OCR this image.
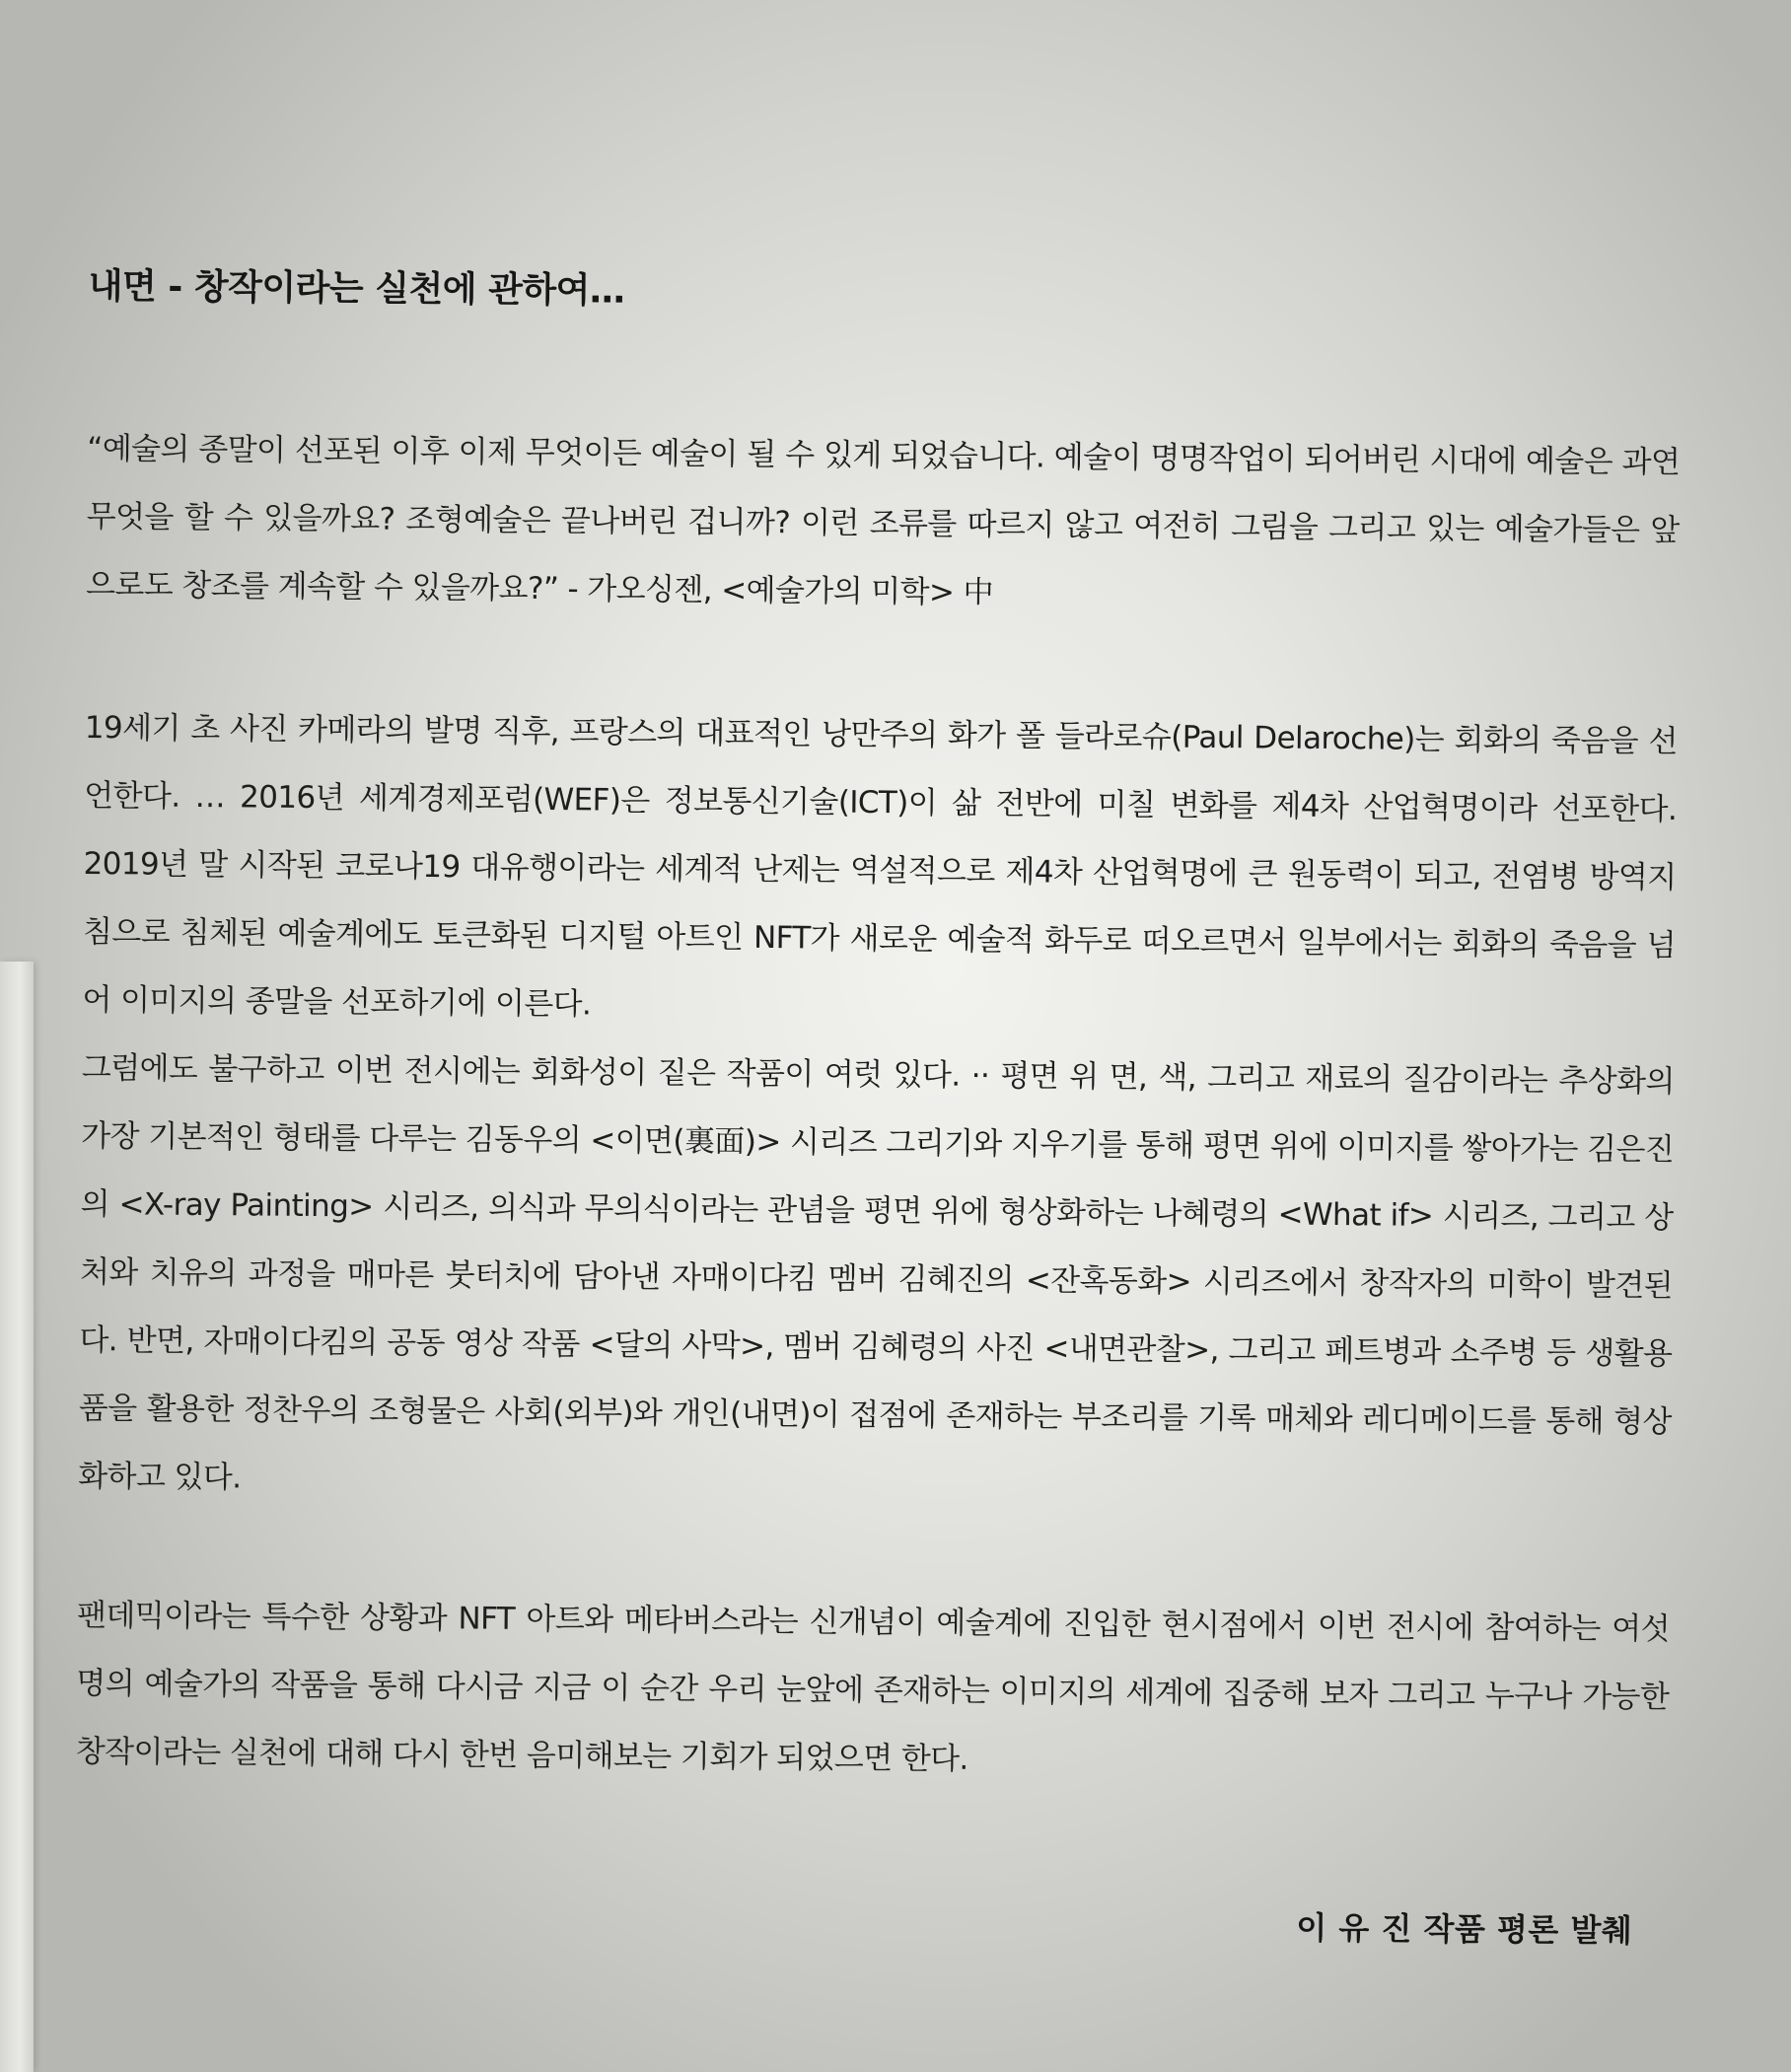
내면 - 창작이라는 실천에 관하여…

“예술의 종말이 선포된 이후 이제 무엇이든 예술이 될 수 있게 되었습니다. 예술이 명명작업이 되어버린 시대에 예술은 과연 무엇을 할 수 있을까요? 조형예술은 끝나버린 겁니까? 이런 조류를 따르지 않고 여전히 그림을 그리고 있는 예술가들은 앞으로도 창조를 계속할 수 있을까요?” - 가오싱젠, <예술가의 미학> 中

19세기 초 사진 카메라의 발명 직후, 프랑스의 대표적인 낭만주의 화가 폴 들라로슈(Paul Delaroche)는 회화의 죽음을 선언한다. … 2016년 세계경제포럼(WEF)은 정보통신기술(ICT)이 삶 전반에 미칠 변화를 제4차 산업혁명이라 선포한다. 2019년 말 시작된 코로나19 대유행이라는 세계적 난제는 역설적으로 제4차 산업혁명에 큰 원동력이 되고, 전염병 방역지침으로 침체된 예술계에도 토큰화된 디지털 아트인 NFT가 새로운 예술적 화두로 떠오르면서 일부에서는 회화의 죽음을 넘어 이미지의 종말을 선포하기에 이른다.

그럼에도 불구하고 이번 전시에는 회화성이 짙은 작품이 여럿 있다. ·· 평면 위 면, 색, 그리고 재료의 질감이라는 추상화의 가장 기본적인 형태를 다루는 김동우의 <이면(裏面)> 시리즈 그리기와 지우기를 통해 평면 위에 이미지를 쌓아가는 김은진의 <X-ray Painting> 시리즈, 의식과 무의식이라는 관념을 평면 위에 형상화하는 나혜령의 <What if> 시리즈, 그리고 상처와 치유의 과정을 매마른 붓터치에 담아낸 자매이다킴 멤버 김혜진의 <잔혹동화> 시리즈에서 창작자의 미학이 발견된다. 반면, 자매이다킴의 공동 영상 작품 <달의 사막>, 멤버 김혜령의 사진 <내면관찰>, 그리고 페트병과 소주병 등 생활용품을 활용한 정찬우의 조형물은 사회(외부)와 개인(내면)이 접점에 존재하는 부조리를 기록 매체와 레디메이드를 통해 형상화하고 있다.

팬데믹이라는 특수한 상황과 NFT 아트와 메타버스라는 신개념이 예술계에 진입한 현시점에서 이번 전시에 참여하는 여섯 명의 예술가의 작품을 통해 다시금 지금 이 순간 우리 눈앞에 존재하는 이미지의 세계에 집중해 보자 그리고 누구나 가능한 창작이라는 실천에 대해 다시 한번 음미해보는 기회가 되었으면 한다.

이 유 진 작품 평론 발췌
